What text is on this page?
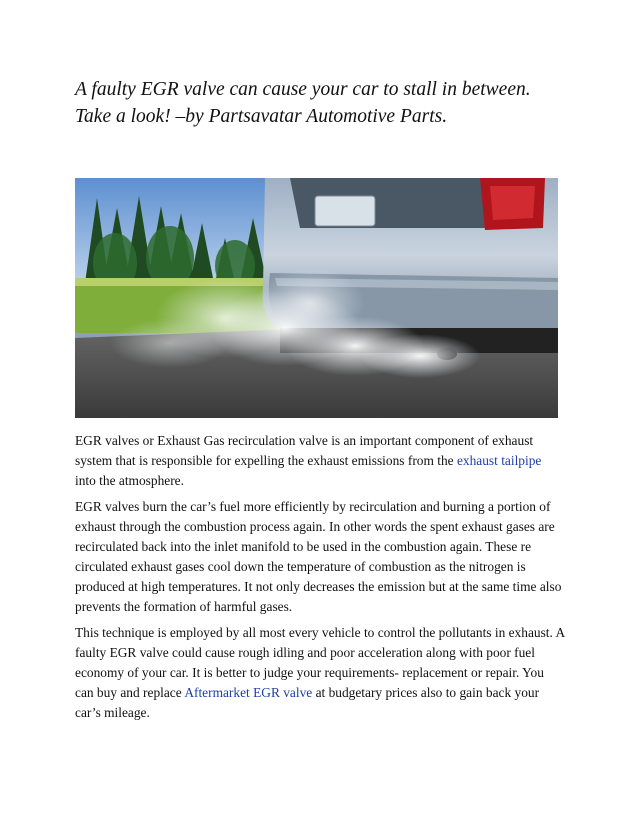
A faulty EGR valve can cause your car to stall in between.
Take a look! –by Partsavatar Automotive Parts.

EGR valves or Exhaust Gas recirculation valve is an important component of exhaust system that is responsible for expelling the exhaust emissions from the exhaust tailpipe into the atmosphere.

EGR valves burn the car’s fuel more efficiently by recirculation and burning a portion of exhaust through the combustion process again. In other words the spent exhaust gases are recirculated back into the inlet manifold to be used in the combustion again. These re circulated exhaust gases cool down the temperature of combustion as the nitrogen is produced at high temperatures. It not only decreases the emission but at the same time also prevents the formation of harmful gases.

This technique is employed by all most every vehicle to control the pollutants in exhaust. A faulty EGR valve could cause rough idling and poor acceleration along with poor fuel economy of your car. It is better to judge your requirements- replacement or repair. You can buy and replace Aftermarket EGR valve at budgetary prices also to gain back your car’s mileage.
